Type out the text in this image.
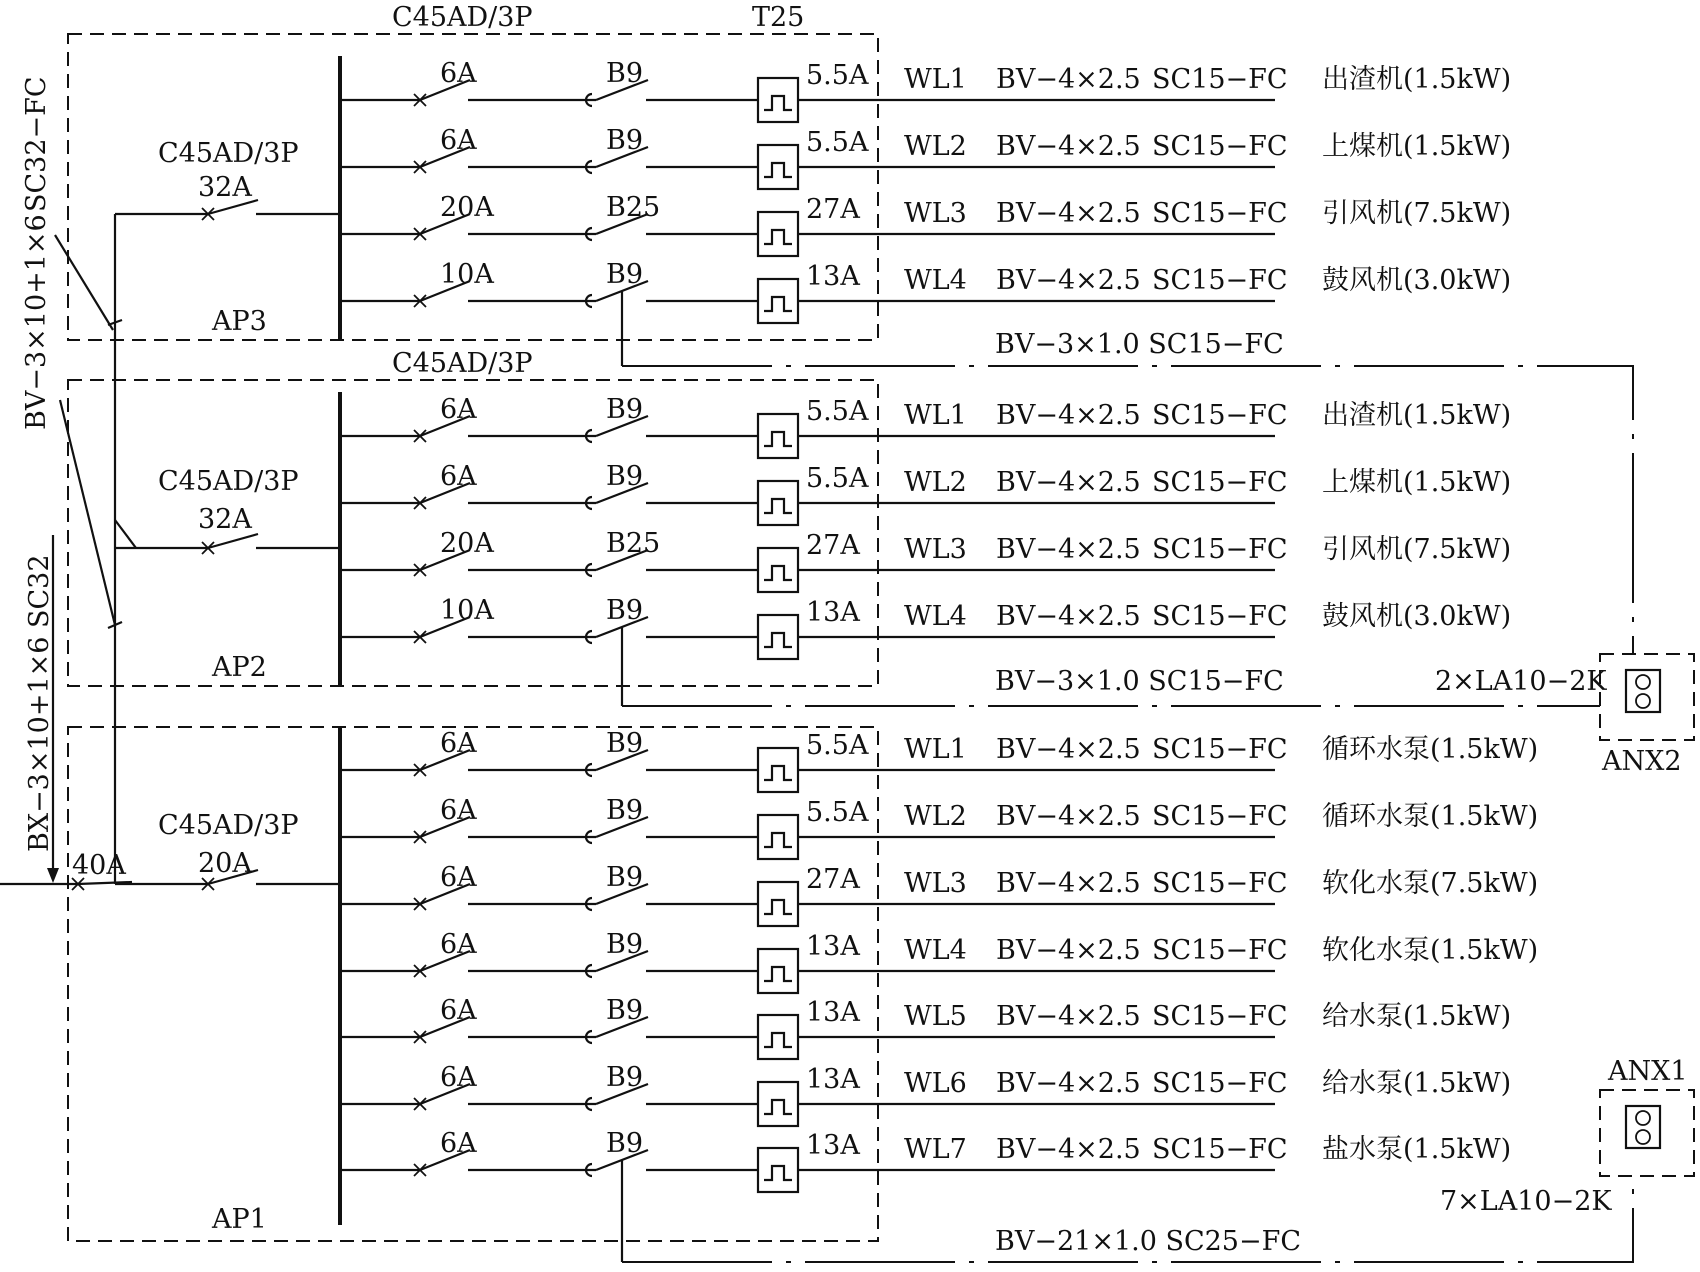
C45AD/3P	T25
BX−3×10+1×6 SC32
SC32−FC
BV−3×10+1×6
40A
C45AD/3P
32A
AP3
6A	B9	5.5A WL1 BV−4×2.5 SC15−FC 出渣机(1.5kW)
6A	B9	5.5A WL2 BV−4×2.5 SC15−FC 上煤机(1.5kW)
20A	B25	27A WL3 BV−4×2.5 SC15−FC 引风机(7.5kW)
10A	B9	13A WL4 BV−4×2.5 SC15−FC 鼓风机(3.0kW)
BV−3×1.0 SC15−FC
C45AD/3P
32A
AP2
C45AD/3P
6A	B9	5.5A WL1 BV−4×2.5 SC15−FC 出渣机(1.5kW)
6A	B9	5.5A WL2 BV−4×2.5 SC15−FC 上煤机(1.5kW)
20A	B25	27A WL3 BV−4×2.5 SC15−FC 引风机(7.5kW)
10A	B9	13A WL4 BV−4×2.5 SC15−FC 鼓风机(3.0kW)
BV−3×1.0 SC15−FC
C45AD/3P
20A
AP1
6A	B9	5.5A WL1 BV−4×2.5 SC15−FC 循环水泵(1.5kW)
6A	B9	5.5A WL2 BV−4×2.5 SC15−FC 循环水泵(1.5kW)
6A	B9	27A WL3 BV−4×2.5 SC15−FC 软化水泵(7.5kW)
6A	B9	13A WL4 BV−4×2.5 SC15−FC 软化水泵(1.5kW)
6A	B9	13A WL5 BV−4×2.5 SC15−FC 给水泵(1.5kW)
6A	B9	13A WL6 BV−4×2.5 SC15−FC 给水泵(1.5kW)
6A	B9	13A WL7 BV−4×2.5 SC15−FC 盐水泵(1.5kW)
BV−21×1.0 SC25−FC
ANX2
2×LA10−2K
ANX1
7×LA10−2K
